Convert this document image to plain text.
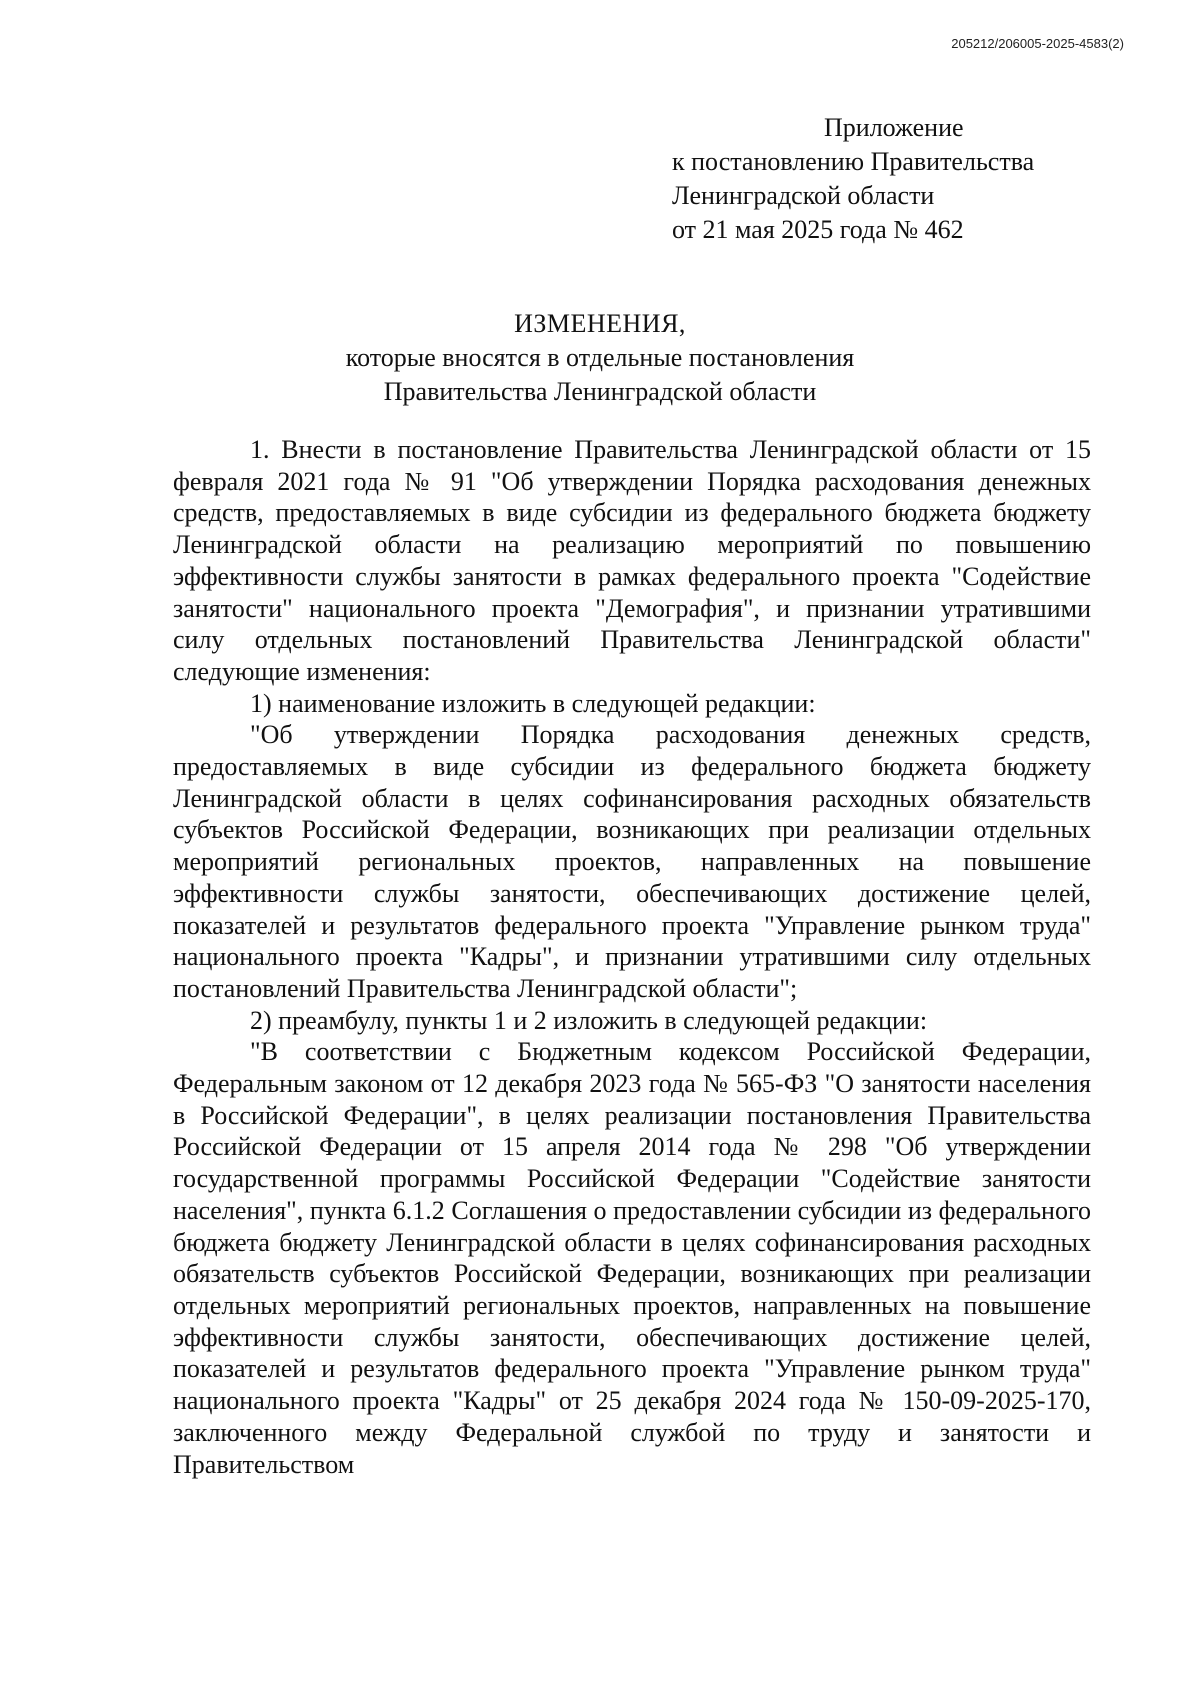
205212/206005-2025-4583(2)
Приложение
к постановлению Правительства
Ленинградской области
от 21 мая 2025 года № 462
ИЗМЕНЕНИЯ,
которые вносятся в отдельные постановления
Правительства Ленинградской области

1. Внести в постановление Правительства Ленинградской области от 15 февраля 2021 года № 91 "Об утверждении Порядка расходования денежных средств, предоставляемых в виде субсидии из федерального бюджета бюджету Ленинградской области на реализацию мероприятий по повышению эффективности службы занятости в рамках федерального проекта "Содействие занятости" национального проекта "Демография", и признании утратившими силу отдельных постановлений Правительства Ленинградской области" следующие изменения:

1) наименование изложить в следующей редакции:

"Об утверждении Порядка расходования денежных средств, предоставляемых в виде субсидии из федерального бюджета бюджету Ленинградской области в целях софинансирования расходных обязательств субъектов Российской Федерации, возникающих при реализации отдельных мероприятий региональных проектов, направленных на повышение эффективности службы занятости, обеспечивающих достижение целей, показателей и результатов федерального проекта "Управление рынком труда" национального проекта "Кадры", и признании утратившими силу отдельных постановлений Правительства Ленинградской области";

2) преамбулу, пункты 1 и 2 изложить в следующей редакции:

"В соответствии с Бюджетным кодексом Российской Федерации, Федеральным законом от 12 декабря 2023 года № 565-ФЗ "О занятости населения в Российской Федерации", в целях реализации постановления Правительства Российской Федерации от 15 апреля 2014 года № 298 "Об утверждении государственной программы Российской Федерации "Содействие занятости населения", пункта 6.1.2 Соглашения о предоставлении субсидии из федерального бюджета бюджету Ленинградской области в целях софинансирования расходных обязательств субъектов Российской Федерации, возникающих при реализации отдельных мероприятий региональных проектов, направленных на повышение эффективности службы занятости, обеспечивающих достижение целей, показателей и результатов федерального проекта "Управление рынком труда" национального проекта "Кадры" от 25 декабря 2024 года № 150-09-2025-170, заключенного между Федеральной службой по труду и занятости и Правительством
